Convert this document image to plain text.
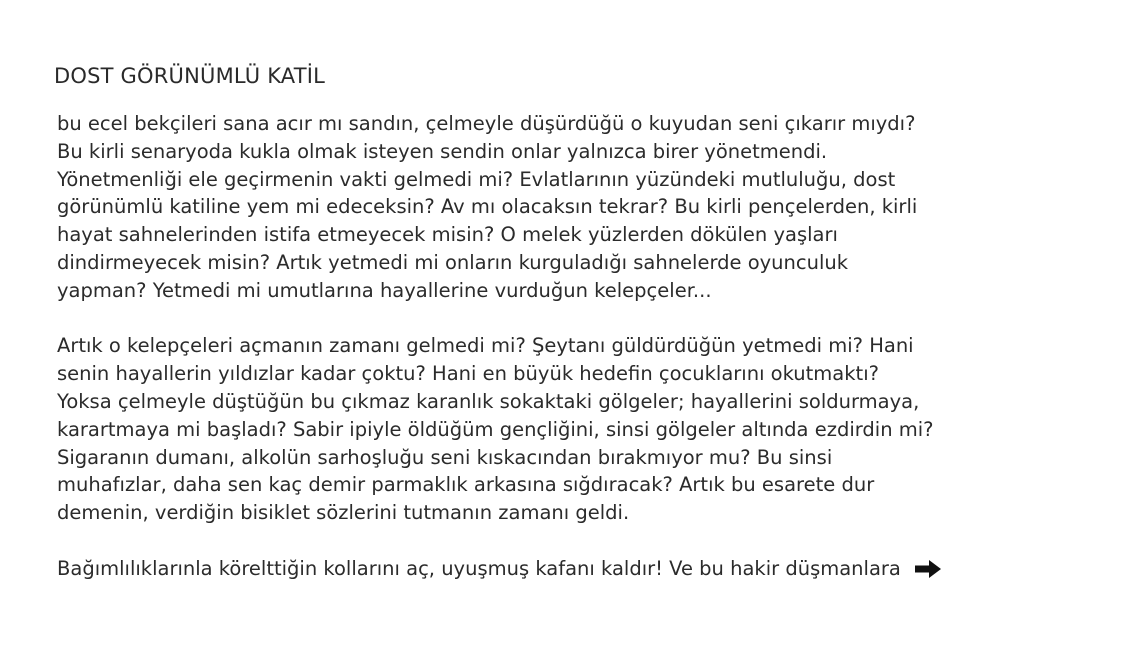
DOST GÖRÜNÜMLÜ KATİL

bu ecel bekçileri sana acır mı sandın, çelmeyle düşürdüğü o kuyudan seni çıkarır mıydı?
Bu kirli senaryoda kukla olmak isteyen sendin onlar yalnızca birer yönetmendi.
Yönetmenliği ele geçirmenin vakti gelmedi mi? Evlatlarının yüzündeki mutluluğu, dost
görünümlü katiline yem mi edeceksin? Av mı olacaksın tekrar? Bu kirli pençelerden, kirli
hayat sahnelerinden istifa etmeyecek misin? O melek yüzlerden dökülen yaşları
dindirmeyecek misin? Artık yetmedi mi onların kurguladığı sahnelerde oyunculuk
yapman? Yetmedi mi umutlarına hayallerine vurduğun kelepçeler...

Artık o kelepçeleri açmanın zamanı gelmedi mi? Şeytanı güldürdüğün yetmedi mi? Hani
senin hayallerin yıldızlar kadar çoktu? Hani en büyük hedefin çocuklarını okutmaktı?
Yoksa çelmeyle düştüğün bu çıkmaz karanlık sokaktaki gölgeler; hayallerini soldurmaya,
karartmaya mi başladı? Sabir ipiyle öldüğüm gençliğini, sinsi gölgeler altında ezdirdin mi?
Sigaranın dumanı, alkolün sarhoşluğu seni kıskacından bırakmıyor mu? Bu sinsi
muhafızlar, daha sen kaç demir parmaklık arkasına sığdıracak? Artık bu esarete dur
demenin, verdiğin bisiklet sözlerini tutmanın zamanı geldi.

Bağımlılıklarınla körelttiğin kollarını aç, uyuşmuş kafanı kaldır! Ve bu hakir düşmanlara
